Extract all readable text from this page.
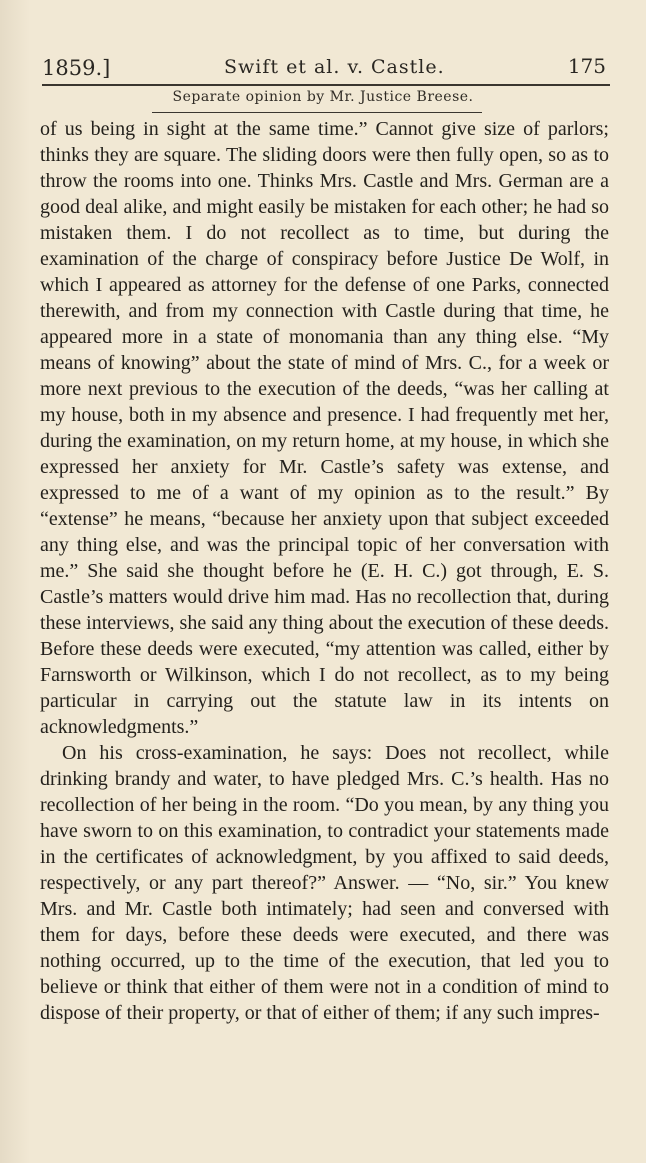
1859.]	Swift et al. v. Castle.	175
Separate opinion by Mr. Justice Breese.

of us being in sight at the same time.” Cannot give size of parlors; thinks they are square. The sliding doors were then fully open, so as to throw the rooms into one. Thinks Mrs. Castle and Mrs. German are a good deal alike, and might easily be mistaken for each other; he had so mistaken them. I do not recollect as to time, but during the examination of the charge of conspiracy before Justice De Wolf, in which I appeared as attorney for the defense of one Parks, connected therewith, and from my connection with Castle during that time, he appeared more in a state of monomania than any thing else. “My means of knowing” about the state of mind of Mrs. C., for a week or more next previous to the execution of the deeds, “was her calling at my house, both in my absence and presence. I had frequently met her, during the examination, on my return home, at my house, in which she expressed her anxiety for Mr. Castle’s safety was extense, and expressed to me of a want of my opinion as to the result.” By “extense” he means, “because her anxiety upon that subject exceeded any thing else, and was the principal topic of her conversation with me.” She said she thought before he (E. H. C.) got through, E. S. Castle’s matters would drive him mad. Has no recollection that, during these interviews, she said any thing about the execution of these deeds. Before these deeds were executed, “my attention was called, either by Farnsworth or Wilkinson, which I do not recollect, as to my being particular in carrying out the statute law in its intents on acknowledgments.”

On his cross-examination, he says: Does not recollect, while drinking brandy and water, to have pledged Mrs. C.’s health. Has no recollection of her being in the room. “Do you mean, by any thing you have sworn to on this examination, to contradict your statements made in the certificates of acknowledgment, by you affixed to said deeds, respectively, or any part thereof?” Answer. — “No, sir.” You knew Mrs. and Mr. Castle both intimately; had seen and conversed with them for days, before these deeds were executed, and there was nothing occurred, up to the time of the execution, that led you to believe or think that either of them were not in a condition of mind to dispose of their property, or that of either of them; if any such impres-
